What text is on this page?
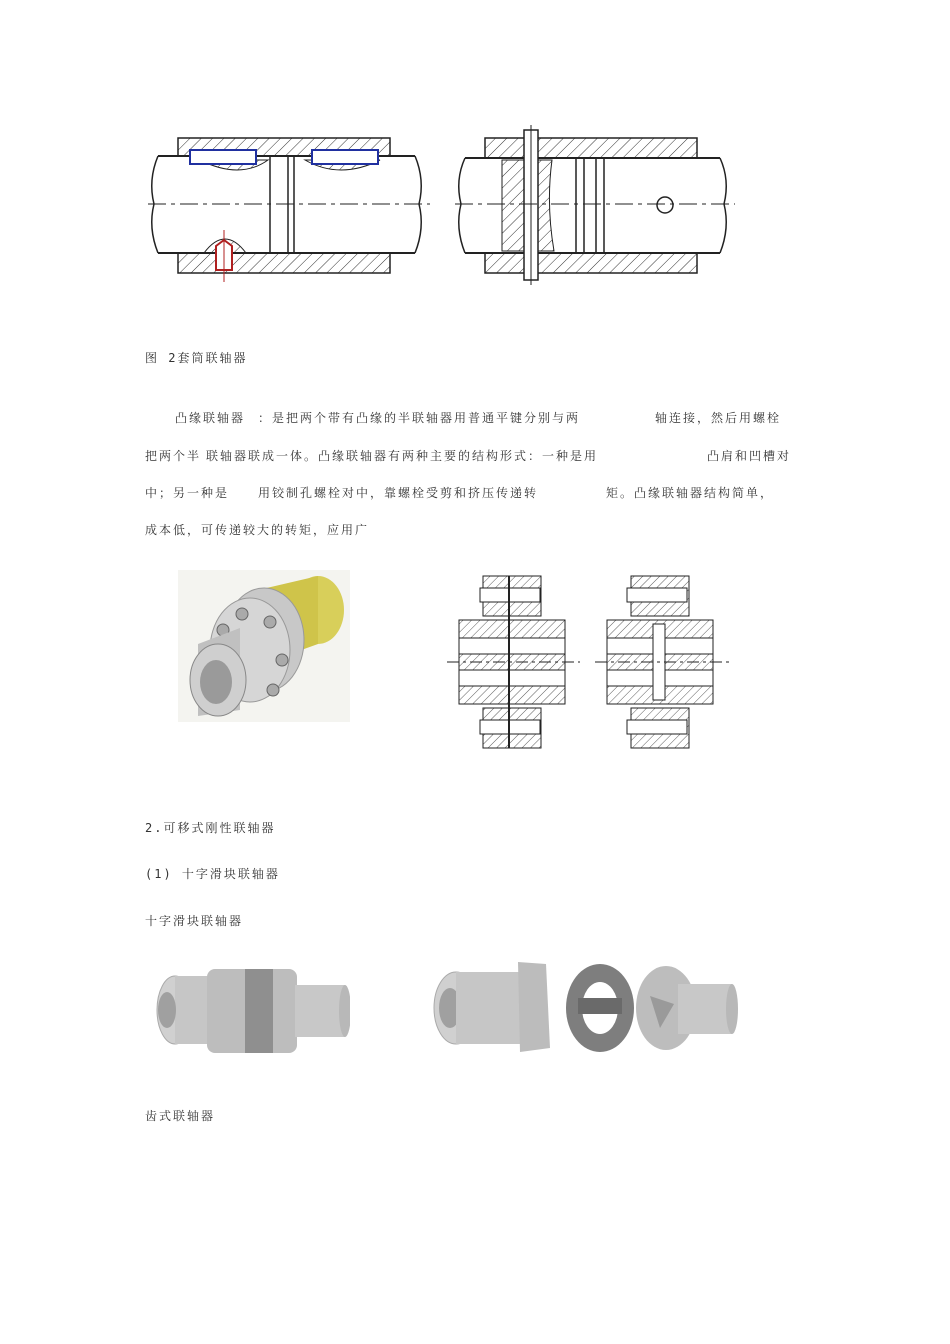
图 2套筒联轴器
凸缘联轴器 ：是把两个带有凸缘的半联轴器用普通平键分别与两	轴连接，然后用螺栓
把两个半 联轴器联成一体。凸缘联轴器有两种主要的结构形式：一种是用	凸肩和凹槽对
中；另一种是 用铰制孔螺栓对中，靠螺栓受剪和挤压传递转	矩。凸缘联轴器结构简单，
成本低，可传递较大的转矩，应用广
2.可移式刚性联轴器
(1) 十字滑块联轴器
十字滑块联轴器
齿式联轴器
